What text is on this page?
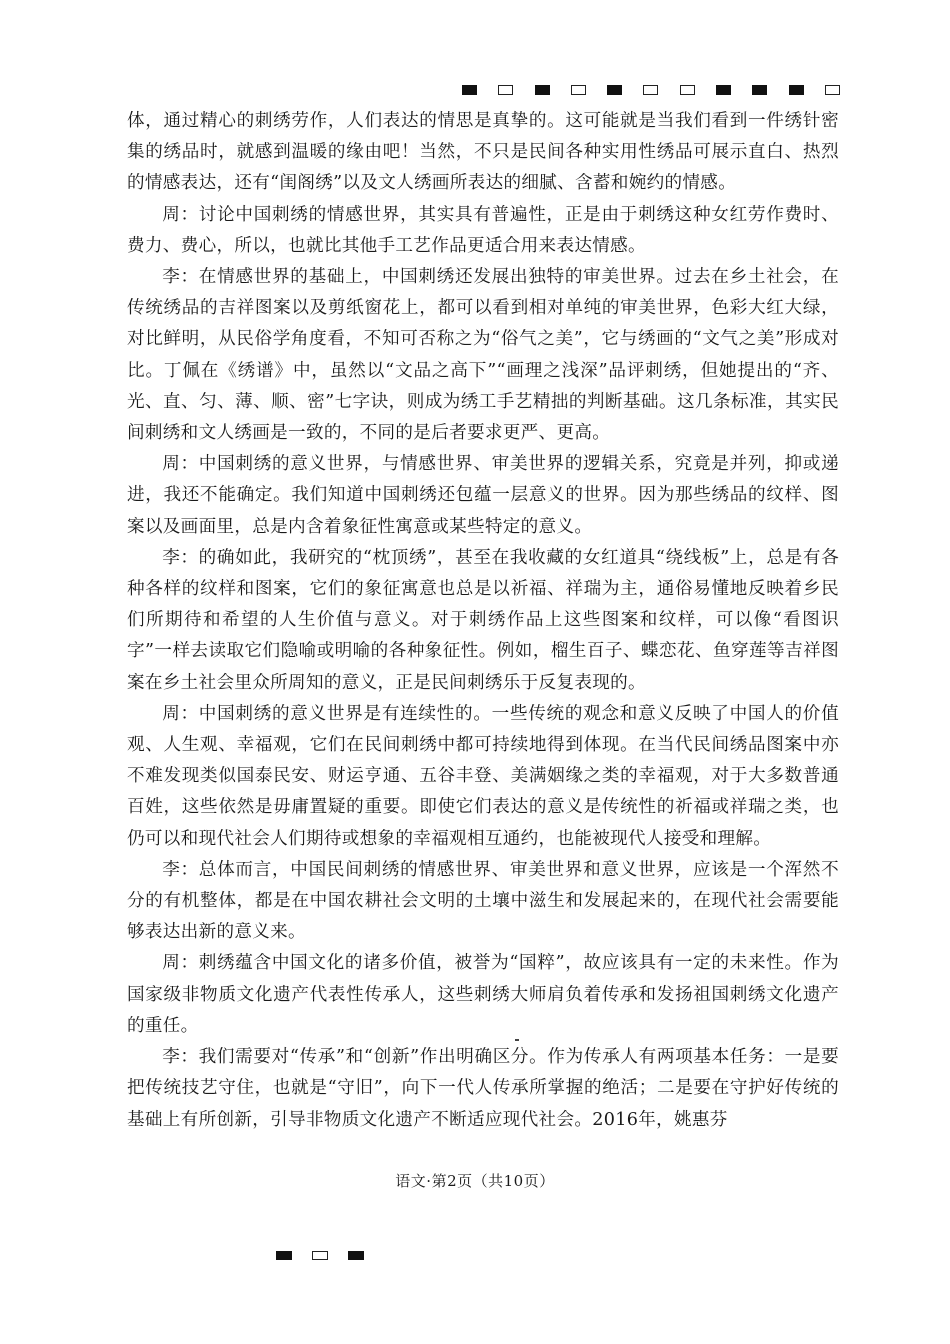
体，通过精心的刺绣劳作，人们表达的情思是真挚的。这可能就是当我们看到一件绣针密集的绣品时，就感到温暖的缘由吧！当然，不只是民间各种实用性绣品可展示直白、热烈的情感表达，还有“闺阁绣”以及文人绣画所表达的细腻、含蓄和婉约的情感。

周：讨论中国刺绣的情感世界，其实具有普遍性，正是由于刺绣这种女红劳作费时、费力、费心，所以，也就比其他手工艺作品更适合用来表达情感。

李：在情感世界的基础上，中国刺绣还发展出独特的审美世界。过去在乡土社会，在传统绣品的吉祥图案以及剪纸窗花上，都可以看到相对单纯的审美世界，色彩大红大绿，对比鲜明，从民俗学角度看，不知可否称之为“俗气之美”，它与绣画的“文气之美”形成对比。丁佩在《绣谱》中，虽然以“文品之高下”“画理之浅深”品评刺绣，但她提出的“齐、光、直、匀、薄、顺、密”七字诀，则成为绣工手艺精拙的判断基础。这几条标准，其实民间刺绣和文人绣画是一致的，不同的是后者要求更严、更高。

周：中国刺绣的意义世界，与情感世界、审美世界的逻辑关系，究竟是并列，抑或递进，我还不能确定。我们知道中国刺绣还包蕴一层意义的世界。因为那些绣品的纹样、图案以及画面里，总是内含着象征性寓意或某些特定的意义。

李：的确如此，我研究的“枕顶绣”，甚至在我收藏的女红道具“绕线板”上，总是有各种各样的纹样和图案，它们的象征寓意也总是以祈福、祥瑞为主，通俗易懂地反映着乡民们所期待和希望的人生价值与意义。对于刺绣作品上这些图案和纹样，可以像“看图识字”一样去读取它们隐喻或明喻的各种象征性。例如，榴生百子、蝶恋花、鱼穿莲等吉祥图案在乡土社会里众所周知的意义，正是民间刺绣乐于反复表现的。

周：中国刺绣的意义世界是有连续性的。一些传统的观念和意义反映了中国人的价值观、人生观、幸福观，它们在民间刺绣中都可持续地得到体现。在当代民间绣品图案中亦不难发现类似国泰民安、财运亨通、五谷丰登、美满姻缘之类的幸福观，对于大多数普通百姓，这些依然是毋庸置疑的重要。即使它们表达的意义是传统性的祈福或祥瑞之类，也仍可以和现代社会人们期待或想象的幸福观相互通约，也能被现代人接受和理解。

李：总体而言，中国民间刺绣的情感世界、审美世界和意义世界，应该是一个浑然不分的有机整体，都是在中国农耕社会文明的土壤中滋生和发展起来的，在现代社会需要能够表达出新的意义来。

周：刺绣蕴含中国文化的诸多价值，被誉为“国粹”，故应该具有一定的未来性。作为国家级非物质文化遗产代表性传承人，这些刺绣大师肩负着传承和发扬祖国刺绣文化遗产的重任。

李：我们需要对“传承”和“创新”作出明确区分。作为传承人有两项基本任务：一是要把传统技艺守住，也就是“守旧”，向下一代人传承所掌握的绝活；二是要在守护好传统的基础上有所创新，引导非物质文化遗产不断适应现代社会。2016年，姚惠芬

语文·第2页（共10页）
